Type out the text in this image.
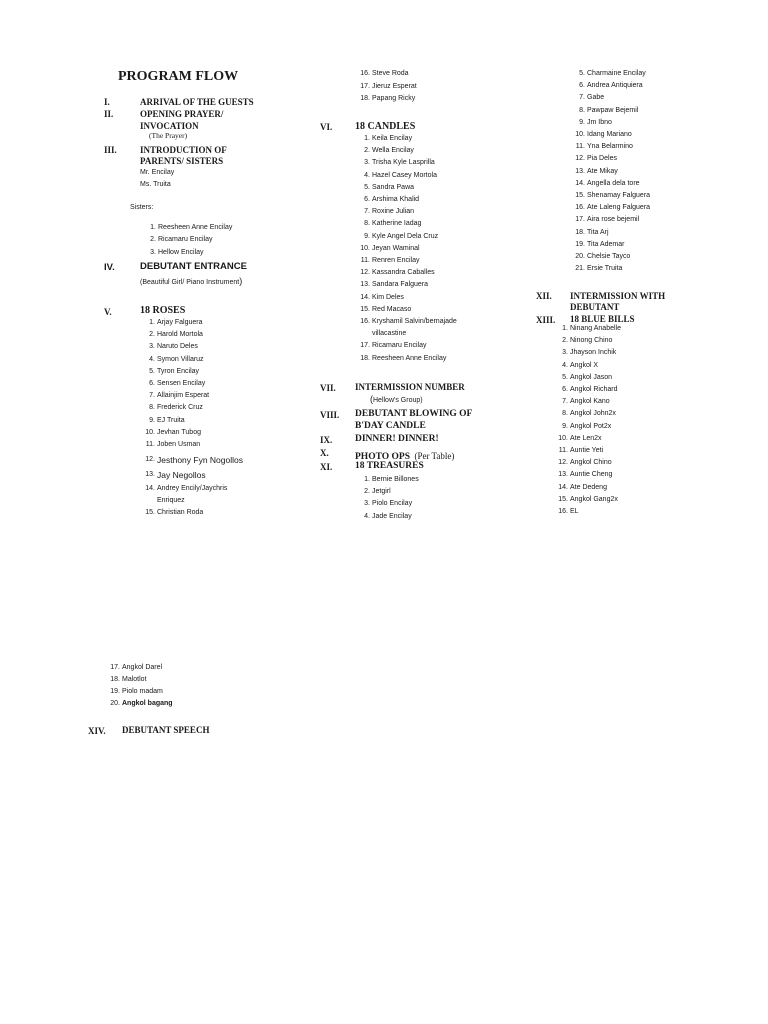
PROGRAM FLOW
I.	ARRIVAL OF THE GUESTS
II.	OPENING PRAYER/
INVOCATION
(The Prayer)
III.	INTRODUCTION OF
PARENTS/ SISTERS
Mr. Encilay
Ms. Truita
Sisters:
1. Reesheen Anne Encilay
2. Ricamaru Encilay
3. Hellow Encilay
IV.	DEBUTANT ENTRANCE
(Beautiful Girl/ Piano Instrument)
V.	18 ROSES
1. Arjay Falguera
2. Harold Mortola
3. Naruto Deles
4. Symon Villaruz
5. Tyron Encilay
6. Sensen Encilay
7. Allainjim Esperat
8. Frederick Cruz
9. EJ Truita
10. Jevhan Tubog
11. Joben Usman
12. Jesthony Fyn Nogollos
13. Jay Negollos
14. Andrey Encily/Jaychris
Enriquez
15. Christian Roda
16. Steve Roda
17. Jieruz Esperat
18. Papang Ricky
VI. 18 CANDLES
1. Keila Encilay
2. Wella Encilay
3. Trisha Kyle Lasprilla
4. Hazel Casey Mortola
5. Sandra Pawa
6. Arshima Khalid
7. Roxine Julian
8. Katherine Iadag
9. Kyle Angel Dela Cruz
10. Jeyan Waminal
11. Renren Encilay
12. Kassandra Caballes
13. Sandara Falguera
14. Kim Deles
15. Red Macaso
16. Kryshamil Salvin/bernajade
villacastine
17. Ricamaru Encilay
18. Reesheen Anne Encilay
VII. INTERMISSION NUMBER
(Hellow's Group)
VIII. DEBUTANT BLOWING OF
B'DAY CANDLE
IX. DINNER! DINNER!
X.	PHOTO OPS (Per Table)
XI. 18 TREASURES
1. Bernie Billones
2. Jetgirl
3. Piolo Encilay
4. Jade Encilay
5. Charmaine Encilay
6. Andrea Antiquiera
7. Gabe
8. Pawpaw Bejemil
9. Jm Ibno
10. Idang Mariano
11. Yna Belarmino
12. Pia Deles
13. Ate Mikay
14. Angella dela tore
15. Shenamay Falguera
16. Ate Laleng Falguera
17. Aira rose bejemil
18. Tita Arj
19. Tita Ademar
20. Chelsie Tayco
21. Ersie Truita
XII. INTERMISSION WITH
DEBUTANT
XIII. 18 BLUE BILLS
1. Ninang Anabelle
2. Ninong Chino
3. Jhayson Inchik
4. Angkol X
5. Angkol Jason
6. Angkol Richard
7. Angkol Kano
8. Angkol John2x
9. Angkol Pot2x
10. Ate Len2x
11. Auntie Yeti
12. Angkol Chino
13. Auntie Cheng
14. Ate Dedeng
15. Angkol Gang2x
16. EL
17. Angkol Darel
18. Malotlot
19. Piolo madam
20. Angkol bagang
XIV. DEBUTANT SPEECH
